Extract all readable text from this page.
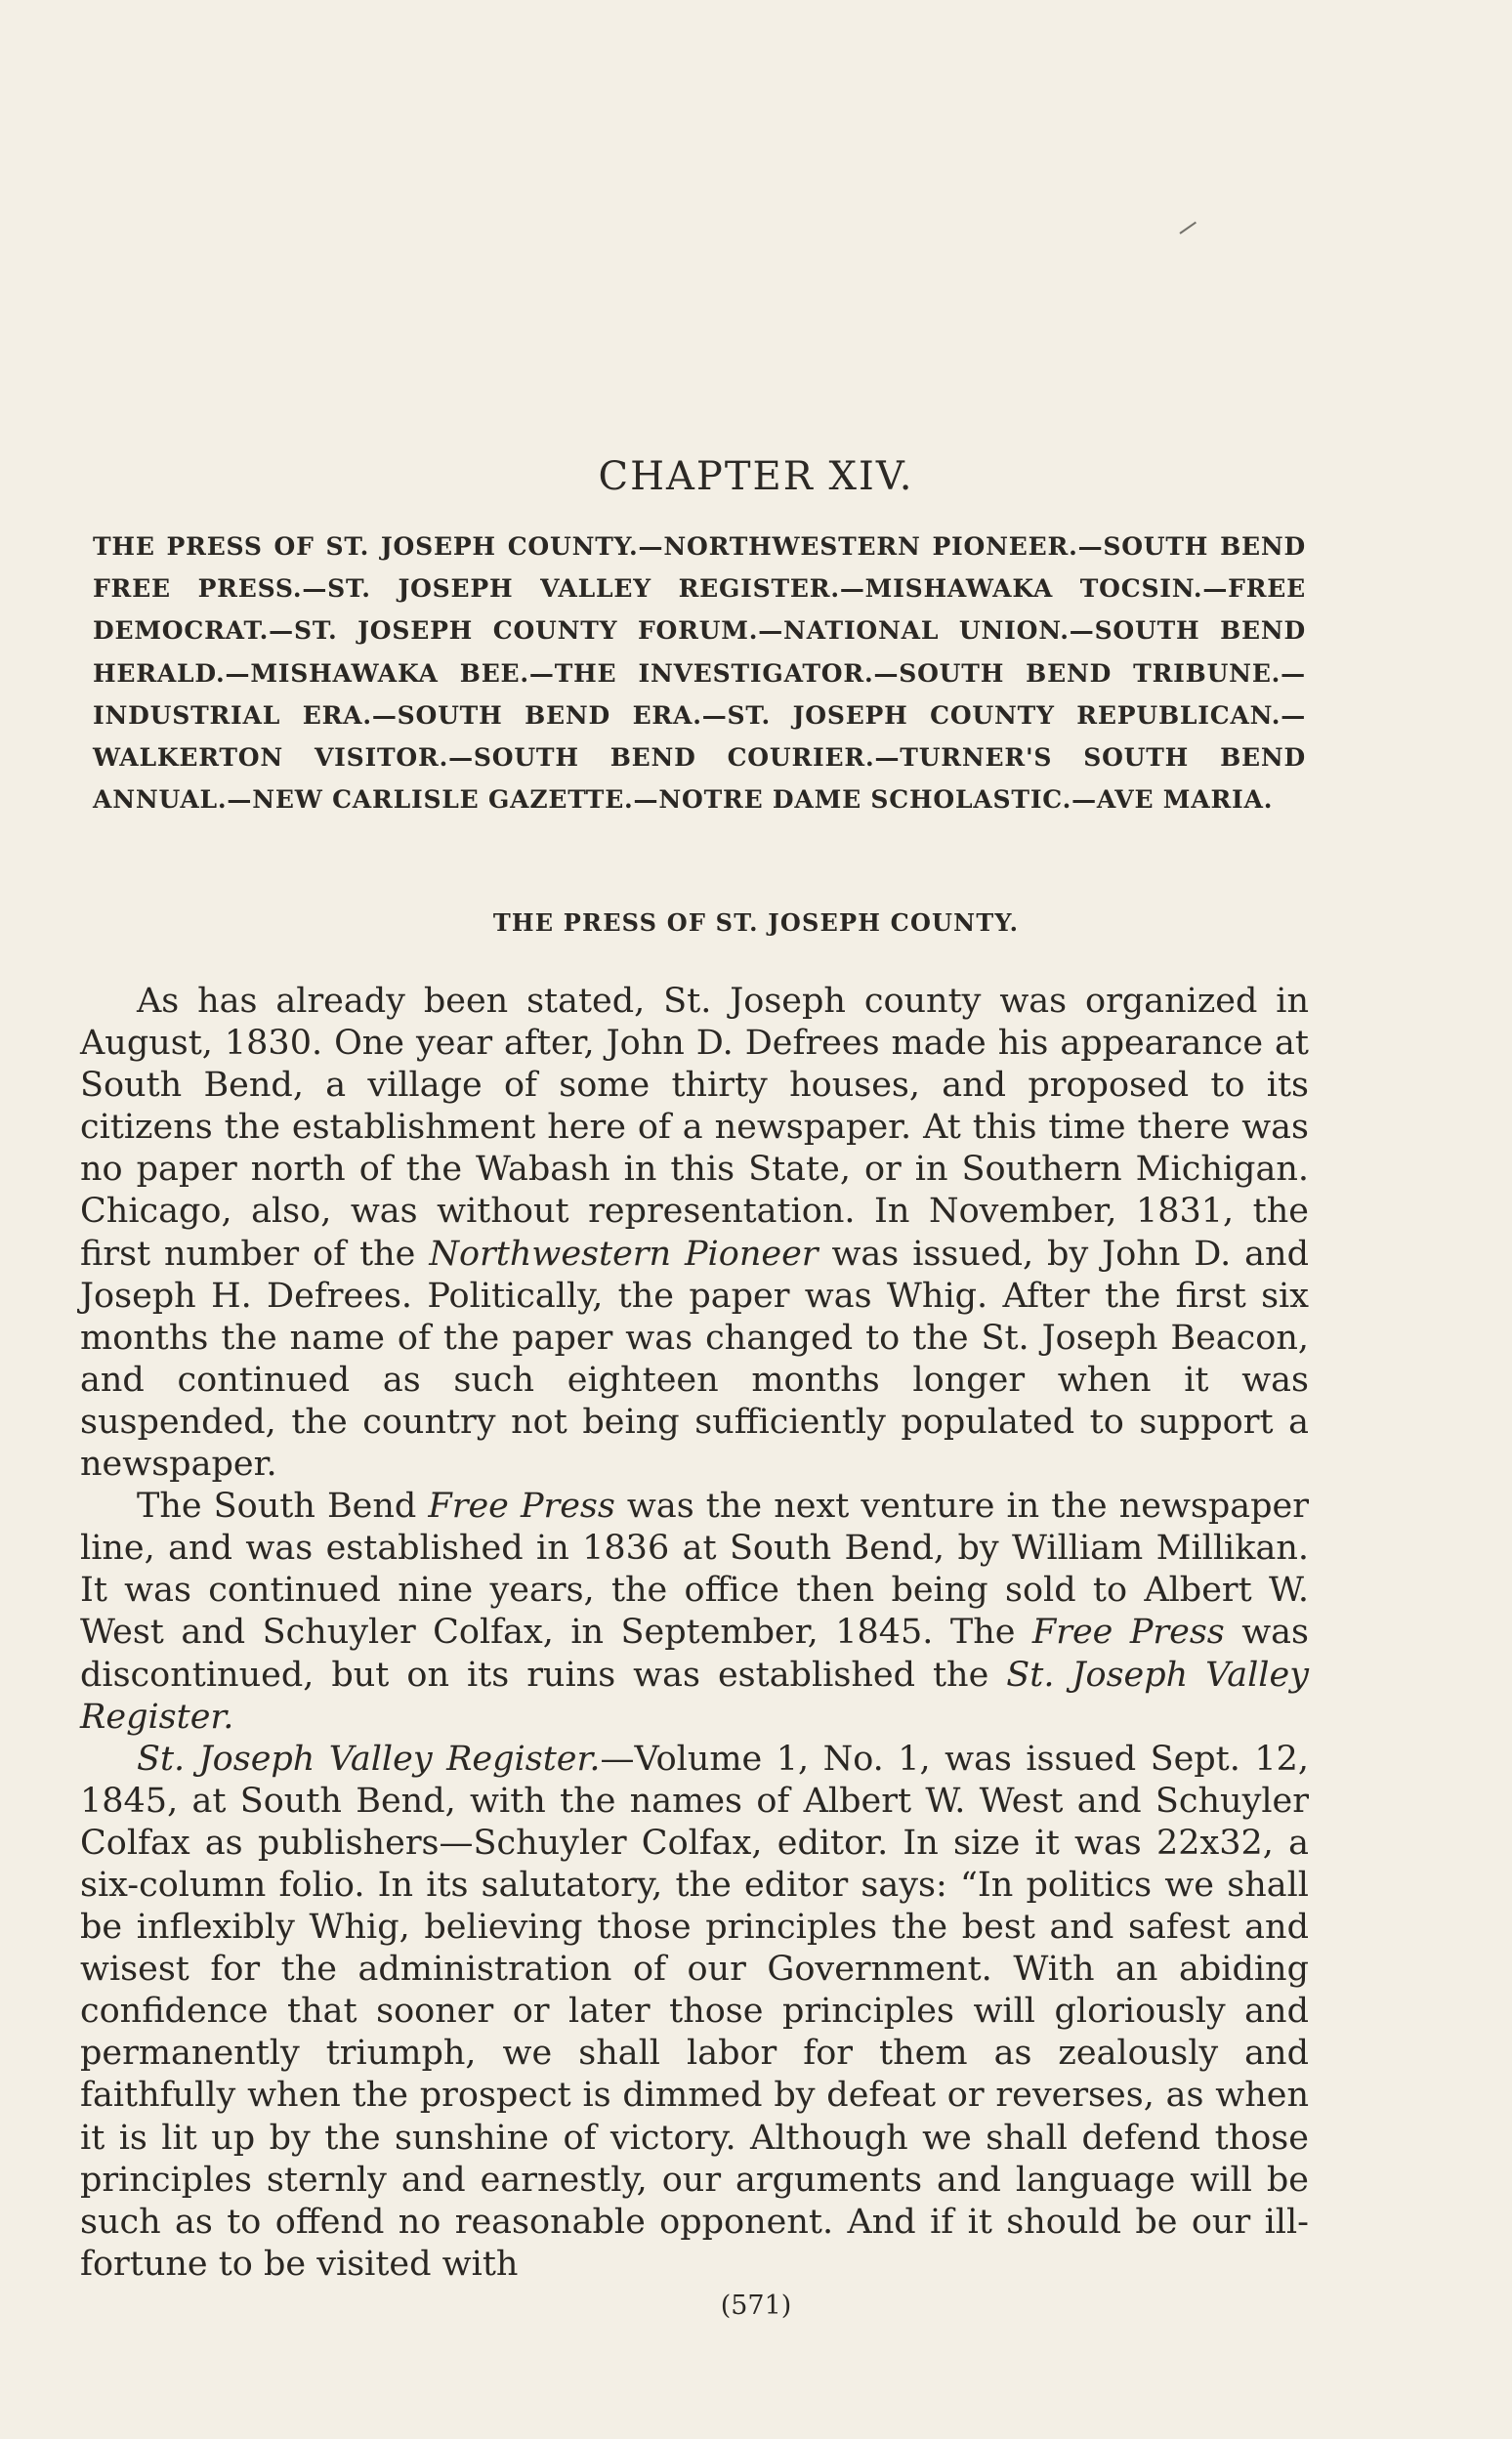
CHAPTER XIV.
THE PRESS OF ST. JOSEPH COUNTY.—NORTHWESTERN PIONEER.—SOUTH BEND FREE PRESS.—ST. JOSEPH VALLEY REGISTER.—MISHAWAKA TOCSIN.—FREE DEMOCRAT.—ST. JOSEPH COUNTY FORUM.—NATIONAL UNION.—SOUTH BEND HERALD.—MISHAWAKA BEE.—THE INVESTIGATOR.—SOUTH BEND TRIBUNE.—INDUSTRIAL ERA.—SOUTH BEND ERA.—ST. JOSEPH COUNTY REPUBLICAN.—WALKERTON VISITOR.—SOUTH BEND COURIER.—TURNER'S SOUTH BEND ANNUAL.—NEW CARLISLE GAZETTE.—NOTRE DAME SCHOLASTIC.—AVE MARIA.
THE PRESS OF ST. JOSEPH COUNTY.

As has already been stated, St. Joseph county was organized in August, 1830. One year after, John D. Defrees made his appearance at South Bend, a village of some thirty houses, and proposed to its citizens the establishment here of a newspaper. At this time there was no paper north of the Wabash in this State, or in Southern Michigan. Chicago, also, was without representation. In November, 1831, the first number of the Northwestern Pioneer was issued, by John D. and Joseph H. Defrees. Politically, the paper was Whig. After the first six months the name of the paper was changed to the St. Joseph Beacon, and continued as such eighteen months longer when it was suspended, the country not being sufficiently populated to support a newspaper.

The South Bend Free Press was the next venture in the newspaper line, and was established in 1836 at South Bend, by William Millikan. It was continued nine years, the office then being sold to Albert W. West and Schuyler Colfax, in September, 1845. The Free Press was discontinued, but on its ruins was established the St. Joseph Valley Register.

St. Joseph Valley Register.—Volume 1, No. 1, was issued Sept. 12, 1845, at South Bend, with the names of Albert W. West and Schuyler Colfax as publishers—Schuyler Colfax, editor. In size it was 22x32, a six-column folio. In its salutatory, the editor says: “In politics we shall be inflexibly Whig, believing those principles the best and safest and wisest for the administration of our Government. With an abiding confidence that sooner or later those principles will gloriously and permanently triumph, we shall labor for them as zealously and faithfully when the prospect is dimmed by defeat or reverses, as when it is lit up by the sunshine of victory. Although we shall defend those principles sternly and earnestly, our arguments and language will be such as to offend no reasonable opponent. And if it should be our ill-fortune to be visited with

(571)
